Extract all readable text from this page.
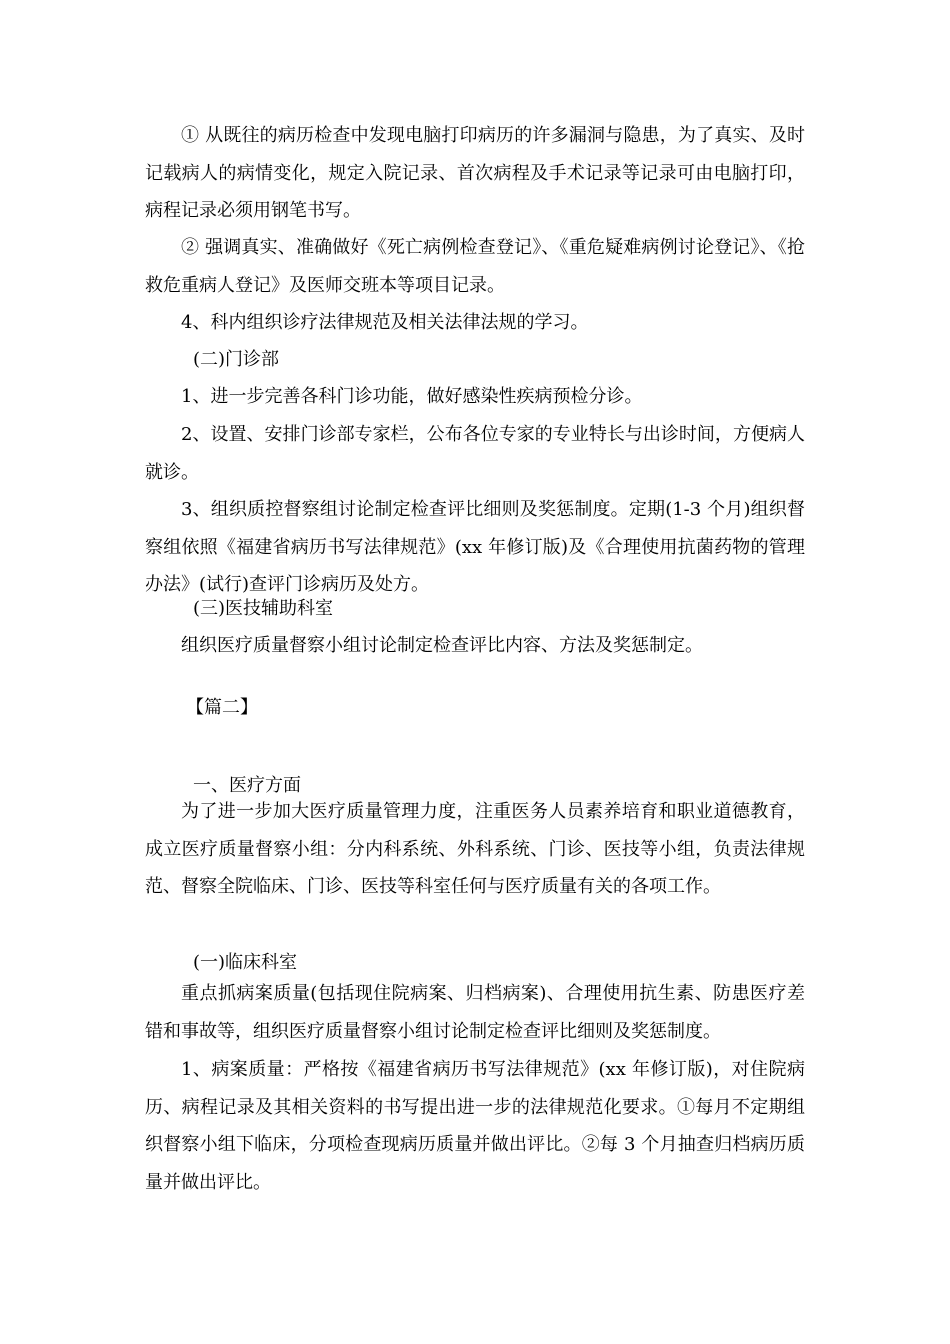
① 从既往的病历检查中发现电脑打印病历的许多漏洞与隐患，为了真实、及时记载病人的病情变化，规定入院记录、首次病程及手术记录等记录可由电脑打印，病程记录必须用钢笔书写。

② 强调真实、准确做好《死亡病例检查登记》、《重危疑难病例讨论登记》、《抢救危重病人登记》及医师交班本等项目记录。

4、科内组织诊疗法律规范及相关法律法规的学习。

(二)门诊部

1、进一步完善各科门诊功能，做好感染性疾病预检分诊。

2、设置、安排门诊部专家栏，公布各位专家的专业特长与出诊时间，方便病人就诊。

3、组织质控督察组讨论制定检查评比细则及奖惩制度。定期(1-3 个月)组织督察组依照《福建省病历书写法律规范》(xx 年修订版)及《合理使用抗菌药物的管理办法》(试行)查评门诊病历及处方。

(三)医技辅助科室

组织医疗质量督察小组讨论制定检查评比内容、方法及奖惩制定。

【篇二】

一、医疗方面

为了进一步加大医疗质量管理力度，注重医务人员素养培育和职业道德教育，成立医疗质量督察小组：分内科系统、外科系统、门诊、医技等小组，负责法律规范、督察全院临床、门诊、医技等科室任何与医疗质量有关的各项工作。

(一)临床科室

重点抓病案质量(包括现住院病案、归档病案)、合理使用抗生素、防患医疗差错和事故等，组织医疗质量督察小组讨论制定检查评比细则及奖惩制度。

1、病案质量：严格按《福建省病历书写法律规范》(xx 年修订版)，对住院病历、病程记录及其相关资料的书写提出进一步的法律规范化要求。①每月不定期组织督察小组下临床，分项检查现病历质量并做出评比。②每 3 个月抽查归档病历质量并做出评比。
